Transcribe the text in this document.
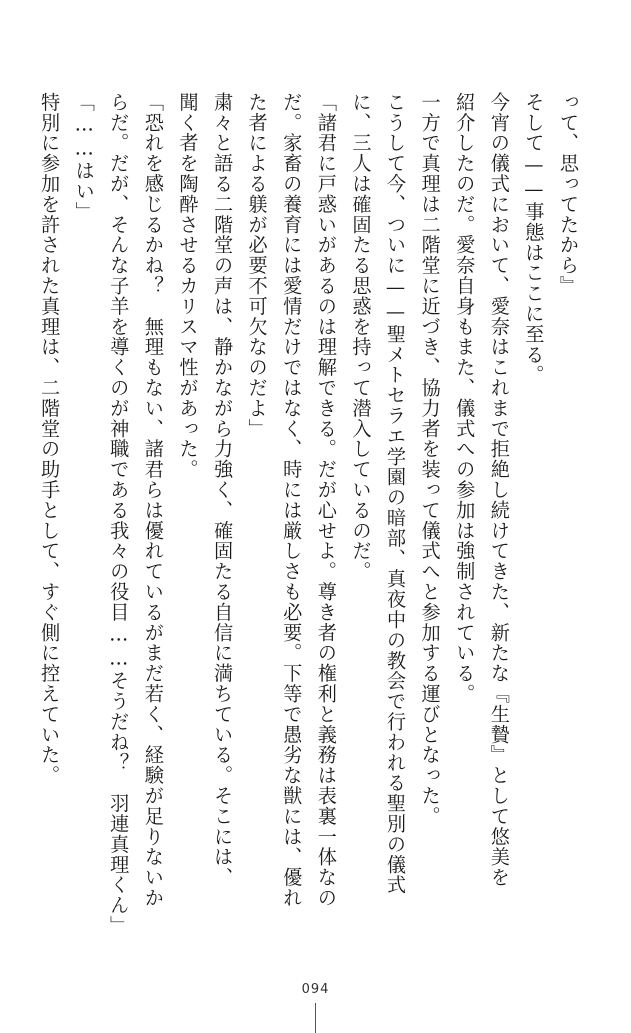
って、思ってたから』

そして——事態はここに至る。

今宵の儀式において、愛奈はこれまで拒絶し続けてきた、新たな『生贄』として悠美を

紹介したのだ。愛奈自身もまた、儀式への参加は強制されている。

一方で真理は二階堂に近づき、協力者を装って儀式へと参加する運びとなった。

こうして今、ついに——聖メトセラエ学園の暗部、真夜中の教会で行われる聖別の儀式

に、三人は確固たる思惑を持って潜入しているのだ。

「諸君に戸惑いがあるのは理解できる。だが心せよ。尊き者の権利と義務は表裏一体なの

だ。家畜の養育には愛情だけではなく、時には厳しさも必要。下等で愚劣な獣には、優れ

た者による躾が必要不可欠なのだよ」

粛々と語る二階堂の声は、静かながら力強く、確固たる自信に満ちている。そこには、

聞く者を陶酔させるカリスマ性があった。

「恐れを感じるかね？　無理もない、諸君らは優れているがまだ若く、経験が足りないか

らだ。だが、そんな子羊を導くのが神職である我々の役目……そうだね？　羽連真理くん」

「……はい」

特別に参加を許された真理は、二階堂の助手として、すぐ側に控えていた。

094
